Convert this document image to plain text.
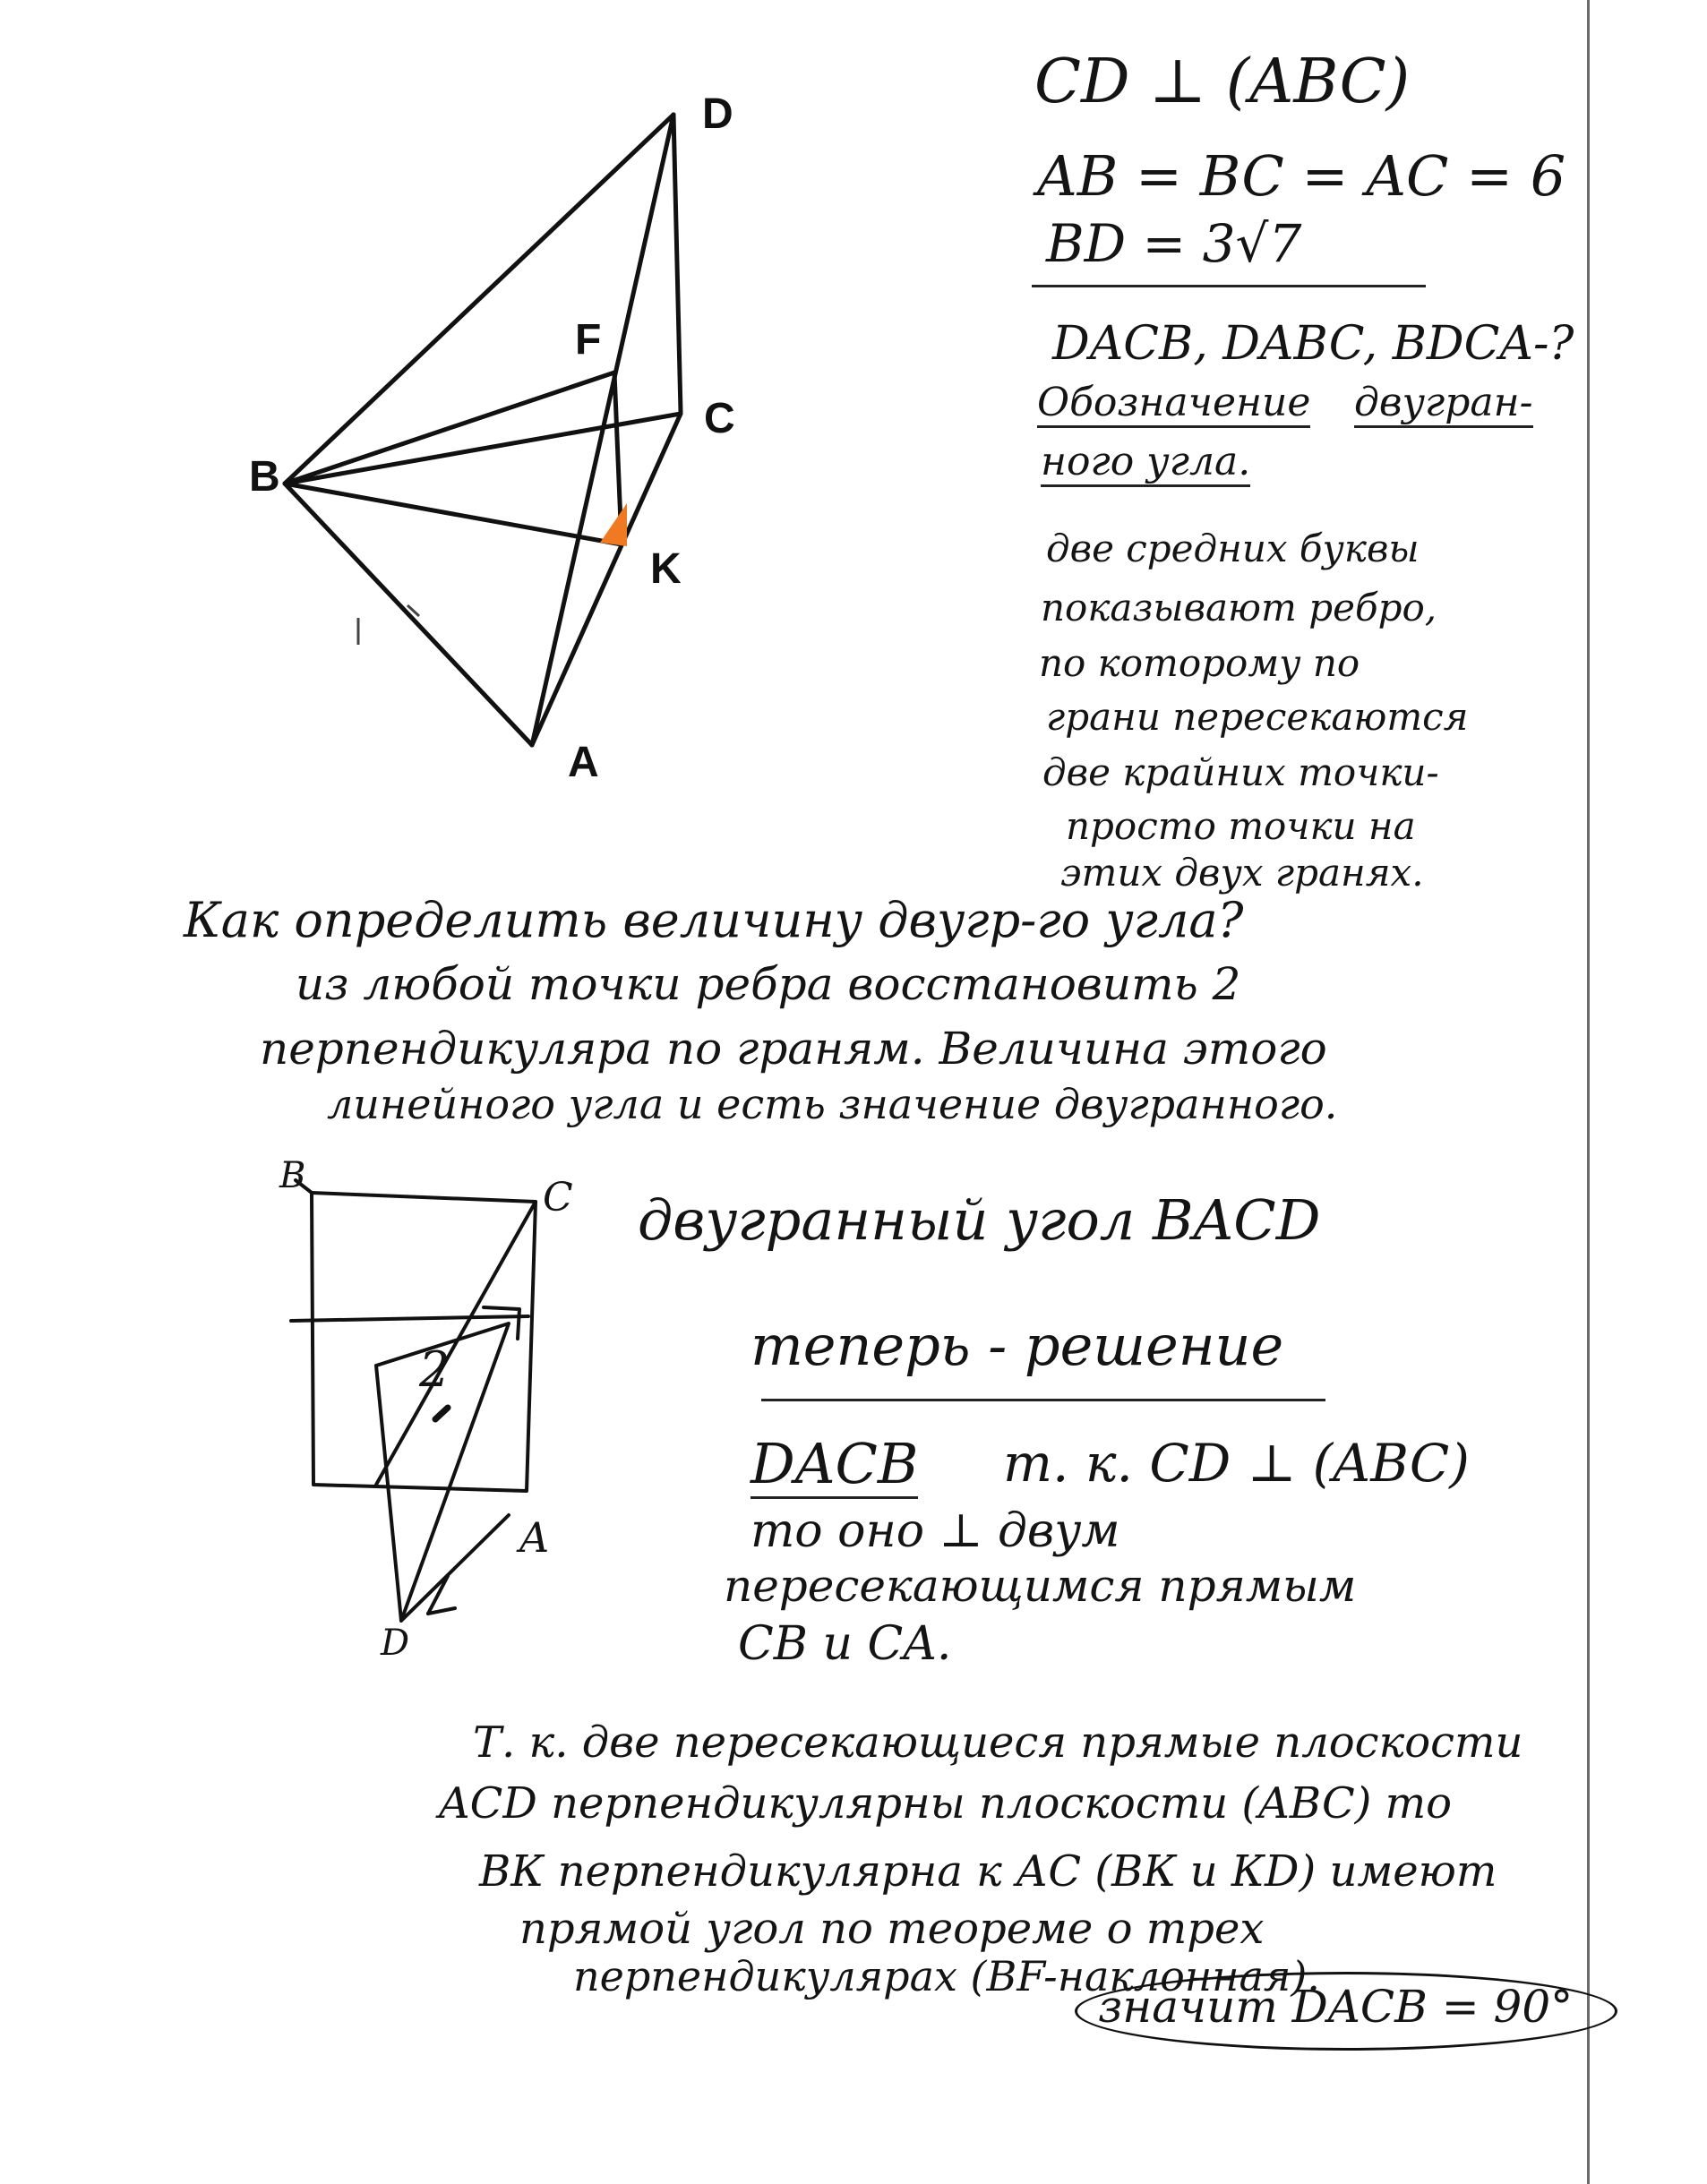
D
F
C
B
K
A
CD ⊥ (ABC)
AB = BC = AC = 6
BD = 3√7
DACB, DABC, BDCA-?
Обозначение двугран-
ного угла.
две средних буквы
показывают ребро,
по которому по
грани пересекаются
две крайних точки-
просто точки на
этих двух гранях.
Как определить величину двугр-го угла?
из любой точки ребра восстановить 2
перпендикуляра по граням. Величина этого
линейного угла и есть значение двугранного.
B	C
2
A
D
двугранный угол BACD
теперь - решение
DACB т. к. CD ⊥ (ABC)
то оно ⊥ двум
пересекающимся прямым
CB и CA.
Т. к. две пересекающиеся прямые плоскости
ACD перпендикулярны плоскости (ABC) то
ВК перпендикулярна к АС (ВК и КD) имеют
прямой угол по теореме о трех
перпендикулярах (BF-наклонная).
значит DACB = 90°
